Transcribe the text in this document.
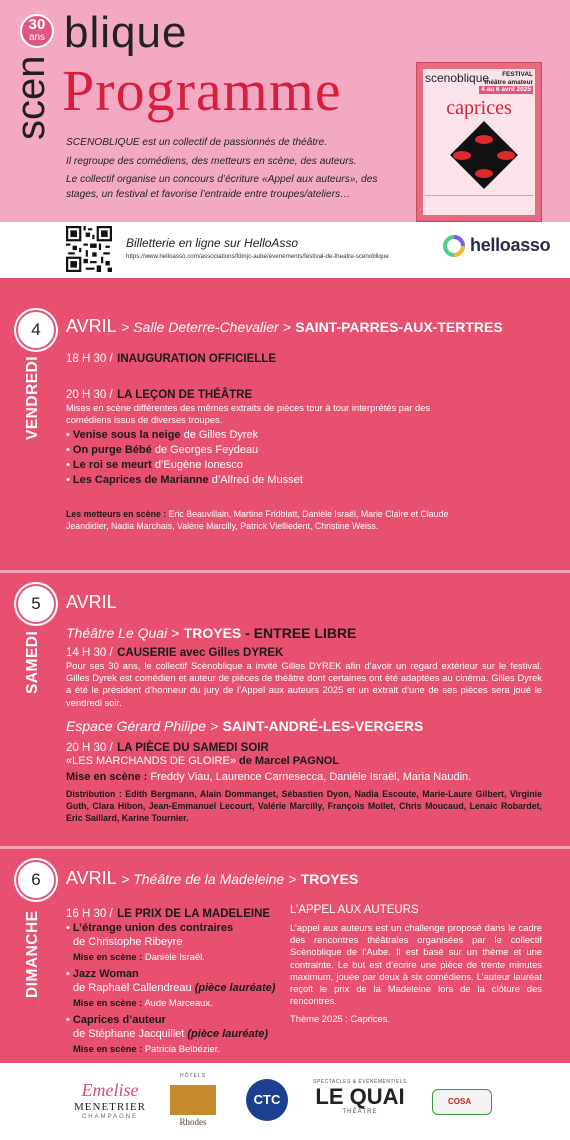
30
ans
scen
blique
Programme

SCENOBLIQUE est un collectif de passionnés de théâtre.

Il regroupe des comédiens, des metteurs en scène, des auteurs.

Le collectif organise un concours d’écriture «Appel aux auteurs», des stages, un festival et favorise l’entraide entre troupes/ateliers…

scenoblique	FESTIVAL
théâtre amateur
4 au 6 avril 2025
caprices
Billetterie en ligne sur HelloAsso
https://www.helloasso.com/associations/fdmjc-aube/evenements/festival-de-theatre-scenoblique
helloasso
4
VENDREDI
AVRIL > Salle Deterre-Chevalier > SAINT-PARRES-AUX-TERTRES
18 H 30 / INAUGURATION OFFICIELLE
20 H 30 / LA LEÇON DE THÉÂTRE
Mises en scène différentes des mêmes extraits de pièces tour à tour interprétés par des comédiens issus de diverses troupes.
• Venise sous la neige de Gilles Dyrek
• On purge Bébé de Georges Feydeau
• Le roi se meurt d’Eugène Ionesco
• Les Caprices de Marianne d’Alfred de Musset
Les metteurs en scène : Eric Beauvillain, Martine Fridblatt, Danièle Israël, Marie Claire et Claude Jeandidier, Nadia Marchais, Valérie Marcilly, Patrick Vielliedent, Christine Weiss.
5
SAMEDI
AVRIL
Théâtre Le Quai > TROYES - ENTREE LIBRE
14 H 30 / CAUSERIE avec Gilles DYREK
Pour ses 30 ans, le collectif Scènoblique a invité Gilles DYREK afin d’avoir un regard extérieur sur le festival. Gilles Dyrek est comédien et auteur de pièces de théâtre dont certaines ont été adaptées au cinéma. Gilles Dyrek a été le président d’honneur du jury de l’Appel aux auteurs 2025 et un extrait d’une de ses pièces sera joué le vendredi soir.
Espace Gérard Philipe > SAINT-ANDRÉ-LES-VERGERS
20 H 30 / LA PIÈCE DU SAMEDI SOIR
«LES MARCHANDS DE GLOIRE» de Marcel PAGNOL
Mise en scène : Freddy Viau, Laurence Carnesecca, Danièle Israël, Maria Naudin.
Distribution : Edith Bergmann, Alain Dommanget, Sébastien Dyon, Nadia Escoute, Marie-Laure Gilbert, Virginie Guth, Clara Hibon, Jean-Emmanuel Lecourt, Valérie Marcilly, François Mollet, Chris Moucaud, Lenaic Robardet, Eric Saillard, Karine Tournier.
6
DIMANCHE
AVRIL > Théâtre de la Madeleine > TROYES
16 H 30 / LE PRIX DE LA MADELEINE
• L’étrange union des contraires
de Christophe Ribeyre
Mise en scène : Danièle Israël.
• Jazz Woman
de Raphaël Callendreau (pièce lauréate)
Mise en scène : Aude Marceaux.
• Caprices d’auteur
de Stéphane Jacquillet (pièce lauréate)
Mise en scène : Patricia Belbézier.
L’APPEL AUX AUTEURS
L’appel aux auteurs est un challenge proposé dans le cadre des rencontres théâtrales organisées par le collectif Scènoblique de l’Aube. Il est basé sur un thème et une contrainte. Le but est d’écrire une pièce de trente minutes maximum, jouée par deux à six comédiens. L’auteur lauréat reçoit le prix de la Madeleine lors de la clôture des rencontres.
Thème 2025 : Caprices.
Emelise
MENETRIER
CHAMPAGNE
HÔTELS
Rhodes
CTC
SPECTACLES & ÉVÉNEMENTIELS
LE QUAI
THÉÂTRE
COSA
